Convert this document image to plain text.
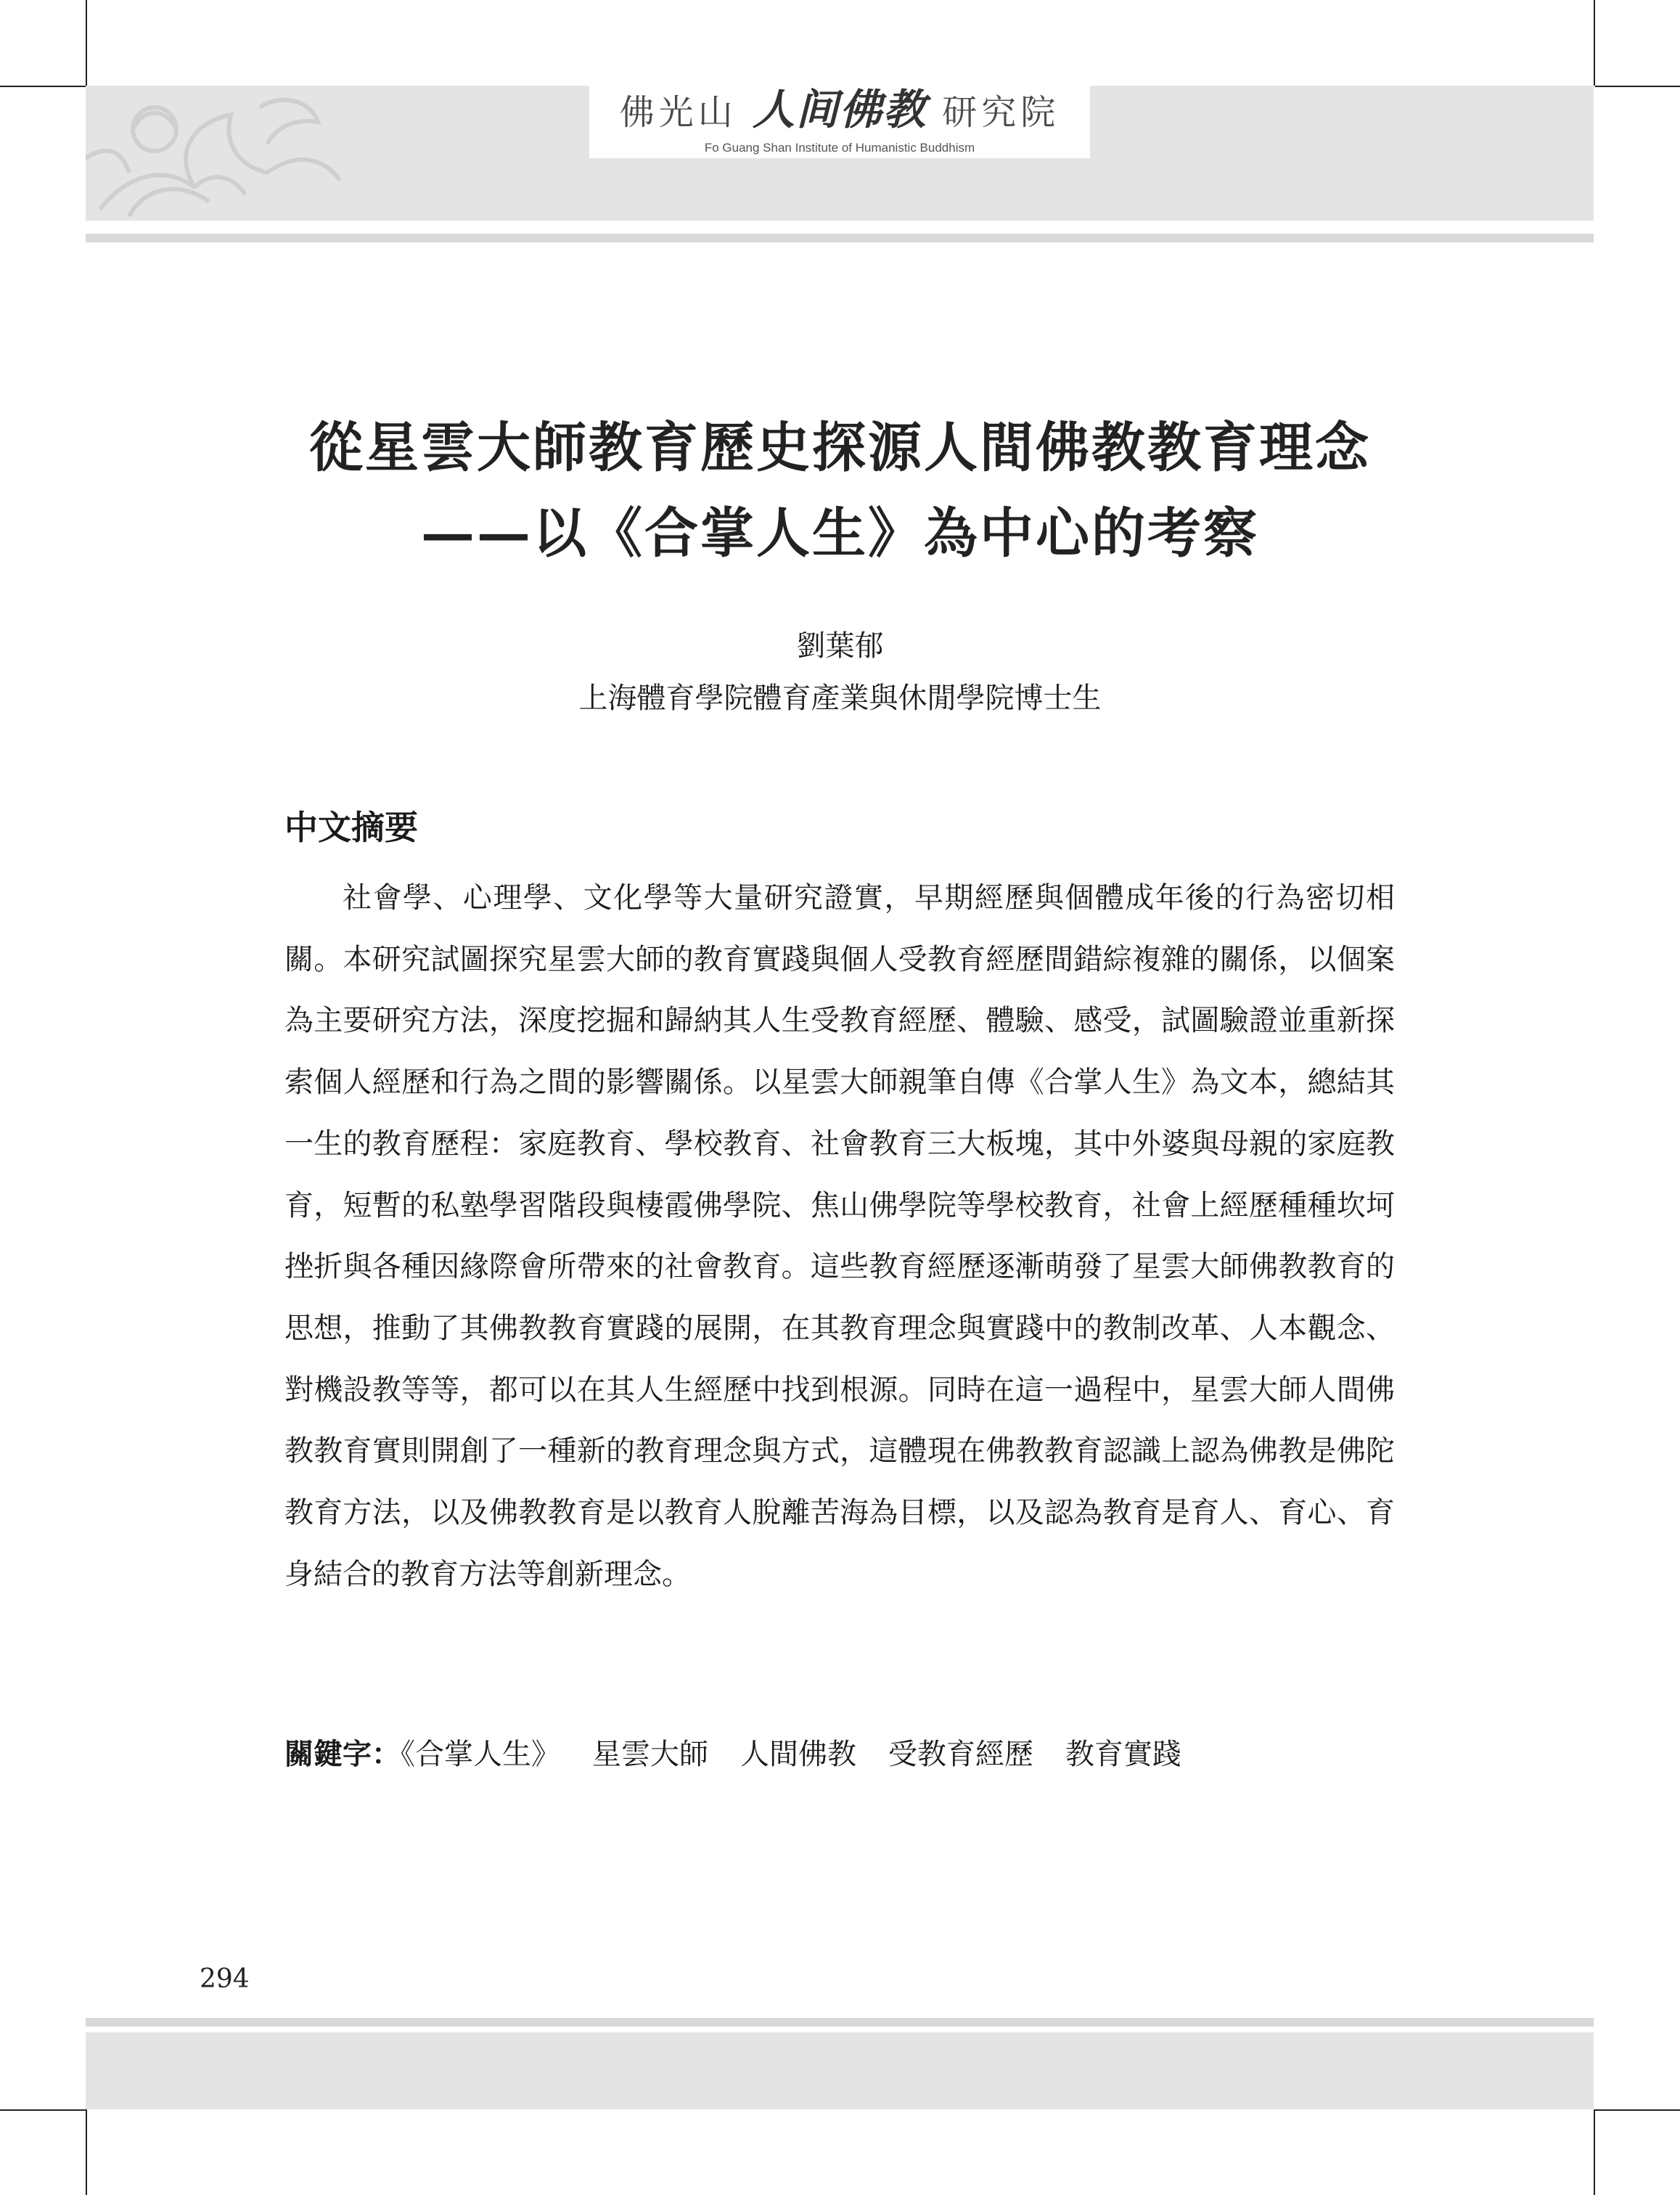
佛光山 人间佛教 研究院
Fo Guang Shan Institute of Humanistic Buddhism
從星雲大師教育歷史探源人間佛教教育理念
——以《合掌人生》為中心的考察
劉葉郁
上海體育學院體育產業與休閒學院博士生
中文摘要

社會學、心理學、文化學等大量研究證實，早期經歷與個體成年後的行為密切相關。本研究試圖探究星雲大師的教育實踐與個人受教育經歷間錯綜複雜的關係，以個案為主要研究方法，深度挖掘和歸納其人生受教育經歷、體驗、感受，試圖驗證並重新探索個人經歷和行為之間的影響關係。以星雲大師親筆自傳《合掌人生》為文本，總結其一生的教育歷程：家庭教育、學校教育、社會教育三大板塊，其中外婆與母親的家庭教育，短暫的私塾學習階段與棲霞佛學院、焦山佛學院等學校教育，社會上經歷種種坎坷挫折與各種因緣際會所帶來的社會教育。這些教育經歷逐漸萌發了星雲大師佛教教育的思想，推動了其佛教教育實踐的展開，在其教育理念與實踐中的教制改革、人本觀念、對機設教等等，都可以在其人生經歷中找到根源。同時在這一過程中，星雲大師人間佛教教育實則開創了一種新的教育理念與方式，這體現在佛教教育認識上認為佛教是佛陀教育方法，以及佛教教育是以教育人脫離苦海為目標，以及認為教育是育人、育心、育身結合的教育方法等創新理念。

關鍵字：《合掌人生》 星雲大師 人間佛教 受教育經歷 教育實踐
294
